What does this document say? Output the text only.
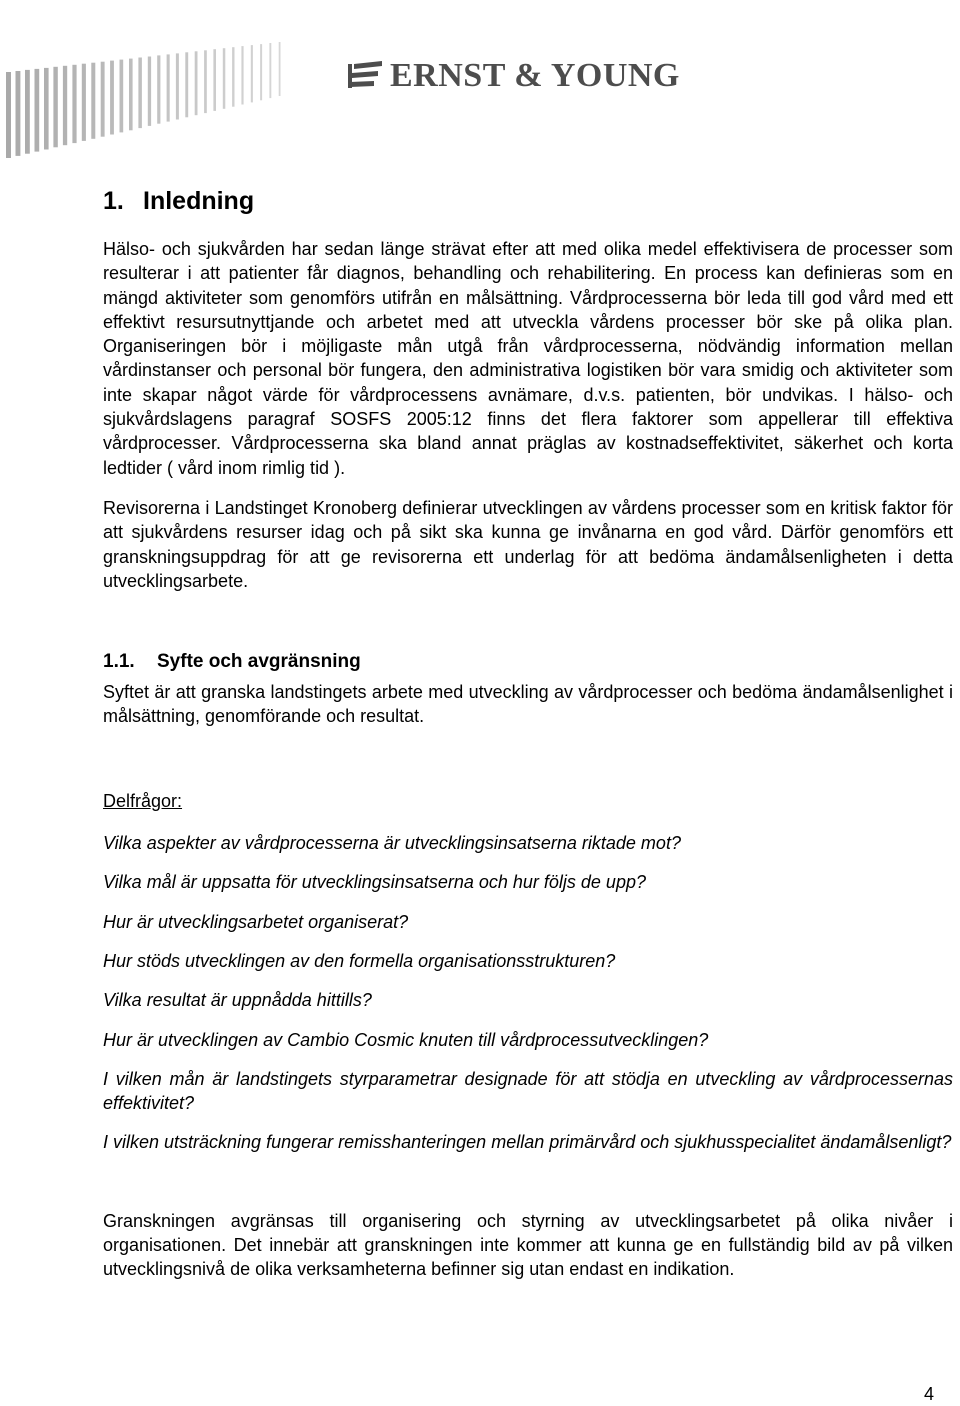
ERNST & YOUNG
1. Inledning

Hälso- och sjukvården har sedan länge strävat efter att med olika medel effektivisera de processer som resulterar i att patienter får diagnos, behandling och rehabilitering. En process kan definieras som en mängd aktiviteter som genomförs utifrån en målsättning. Vårdprocesserna bör leda till god vård med ett effektivt resursutnyttjande och arbetet med att utveckla vårdens processer bör ske på olika plan. Organiseringen bör i möjligaste mån utgå från vårdprocesserna, nödvändig information mellan vårdinstanser och personal bör fungera, den administrativa logistiken bör vara smidig och aktiviteter som inte skapar något värde för vårdprocessens avnämare, d.v.s. patienten, bör undvikas. I hälso- och sjukvårdslagens paragraf SOSFS 2005:12 finns det flera faktorer som appellerar till effektiva vårdprocesser. Vårdprocesserna ska bland annat präglas av kostnadseffektivitet, säkerhet och korta ledtider ( vård inom rimlig tid ).

Revisorerna i Landstinget Kronoberg definierar utvecklingen av vårdens processer som en kritisk faktor för att sjukvårdens resurser idag och på sikt ska kunna ge invånarna en god vård. Därför genomförs ett granskningsuppdrag för att ge revisorerna ett underlag för att bedöma ändamålsenligheten i detta utvecklingsarbete.

1.1. Syfte och avgränsning

Syftet är att granska landstingets arbete med utveckling av vårdprocesser och bedöma ändamålsenlighet i målsättning, genomförande och resultat.

Delfrågor:

Vilka aspekter av vårdprocesserna är utvecklingsinsatserna riktade mot?

Vilka mål är uppsatta för utvecklingsinsatserna och hur följs de upp?

Hur är utvecklingsarbetet organiserat?

Hur stöds utvecklingen av den formella organisationsstrukturen?

Vilka resultat är uppnådda hittills?

Hur är utvecklingen av Cambio Cosmic knuten till vårdprocessutvecklingen?

I vilken mån är landstingets styrparametrar designade för att stödja en utveckling av vårdprocessernas effektivitet?

I vilken utsträckning fungerar remisshanteringen mellan primärvård och sjukhusspecialitet ändamålsenligt?

Granskningen avgränsas till organisering och styrning av utvecklingsarbetet på olika nivåer i organisationen. Det innebär att granskningen inte kommer att kunna ge en fullständig bild av på vilken utvecklingsnivå de olika verksamheterna befinner sig utan endast en indikation.

4
